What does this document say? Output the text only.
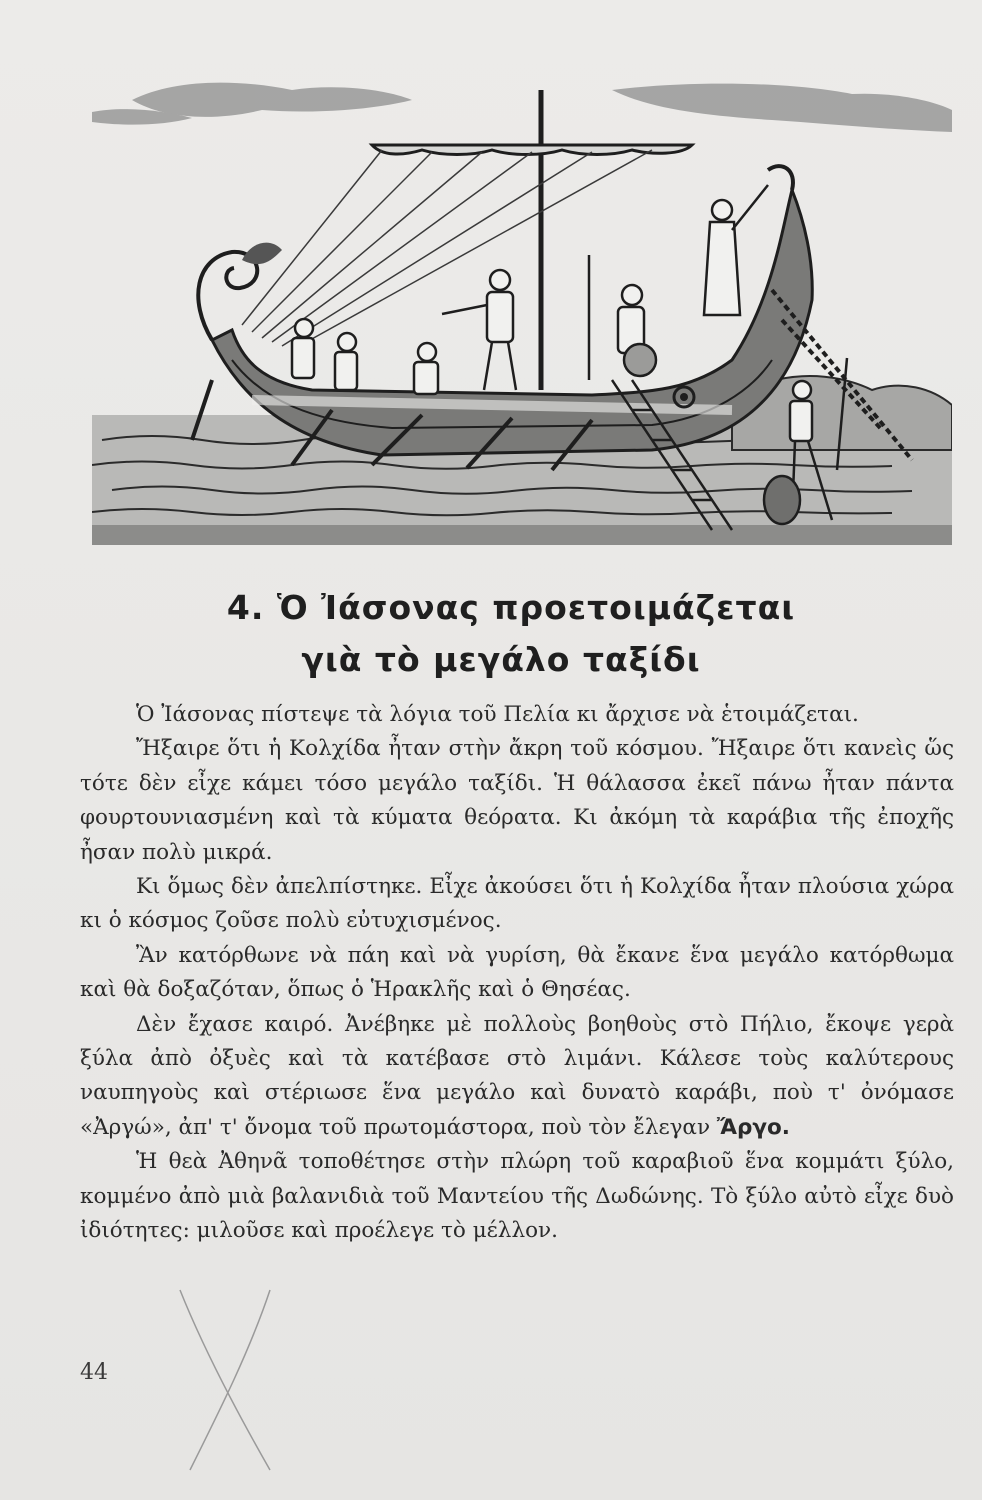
4. Ὁ Ἰάσονας προετοιμάζεται
γιὰ τὸ μεγάλο ταξίδι

Ὁ Ἰάσονας πίστεψε τὰ λόγια τοῦ Πελία κι ἄρχισε νὰ ἑτοιμάζεται.

Ἤξαιρε ὅτι ἡ Κολχίδα ἦταν στὴν ἄκρη τοῦ κόσμου. Ἤξαιρε ὅτι κανεὶς ὥς τότε δὲν εἶχε κάμει τόσο μεγάλο ταξίδι. Ἡ θάλασσα ἐκεῖ πάνω ἦταν πάντα φουρτουνιασμένη καὶ τὰ κύματα θεόρατα. Κι ἀκόμη τὰ καράβια τῆς ἐποχῆς ἦσαν πολὺ μικρά.

Κι ὅμως δὲν ἀπελπίστηκε. Εἶχε ἀκούσει ὅτι ἡ Κολχίδα ἦταν πλούσια χώρα κι ὁ κόσμος ζοῦσε πολὺ εὐτυχισμένος.

Ἂν κατόρθωνε νὰ πάη καὶ νὰ γυρίση, θὰ ἔκανε ἕνα μεγάλο κατόρθωμα καὶ θὰ δοξαζόταν, ὅπως ὁ Ἡρακλῆς καὶ ὁ Θησέας.

Δὲν ἔχασε καιρό. Ἀνέβηκε μὲ πολλοὺς βοηθοὺς στὸ Πήλιο, ἔκοψε γερὰ ξύλα ἀπὸ ὀξυὲς καὶ τὰ κατέβασε στὸ λιμάνι. Κάλεσε τοὺς καλύτερους ναυπηγοὺς καὶ στέριωσε ἕνα μεγάλο καὶ δυνατὸ καράβι, ποὺ τ' ὀνόμασε «Ἀργώ», ἀπ' τ' ὄνομα τοῦ πρωτομάστορα, ποὺ τὸν ἔλεγαν Ἄργο.

Ἡ θεὰ Ἀθηνᾶ τοποθέτησε στὴν πλώρη τοῦ καραβιοῦ ἕνα κομμάτι ξύλο, κομμένο ἀπὸ μιὰ βαλανιδιὰ τοῦ Μαντείου τῆς Δωδώνης. Τὸ ξύλο αὐτὸ εἶχε δυὸ ἰδιότητες: μιλοῦσε καὶ προέλεγε τὸ μέλλον.

44
